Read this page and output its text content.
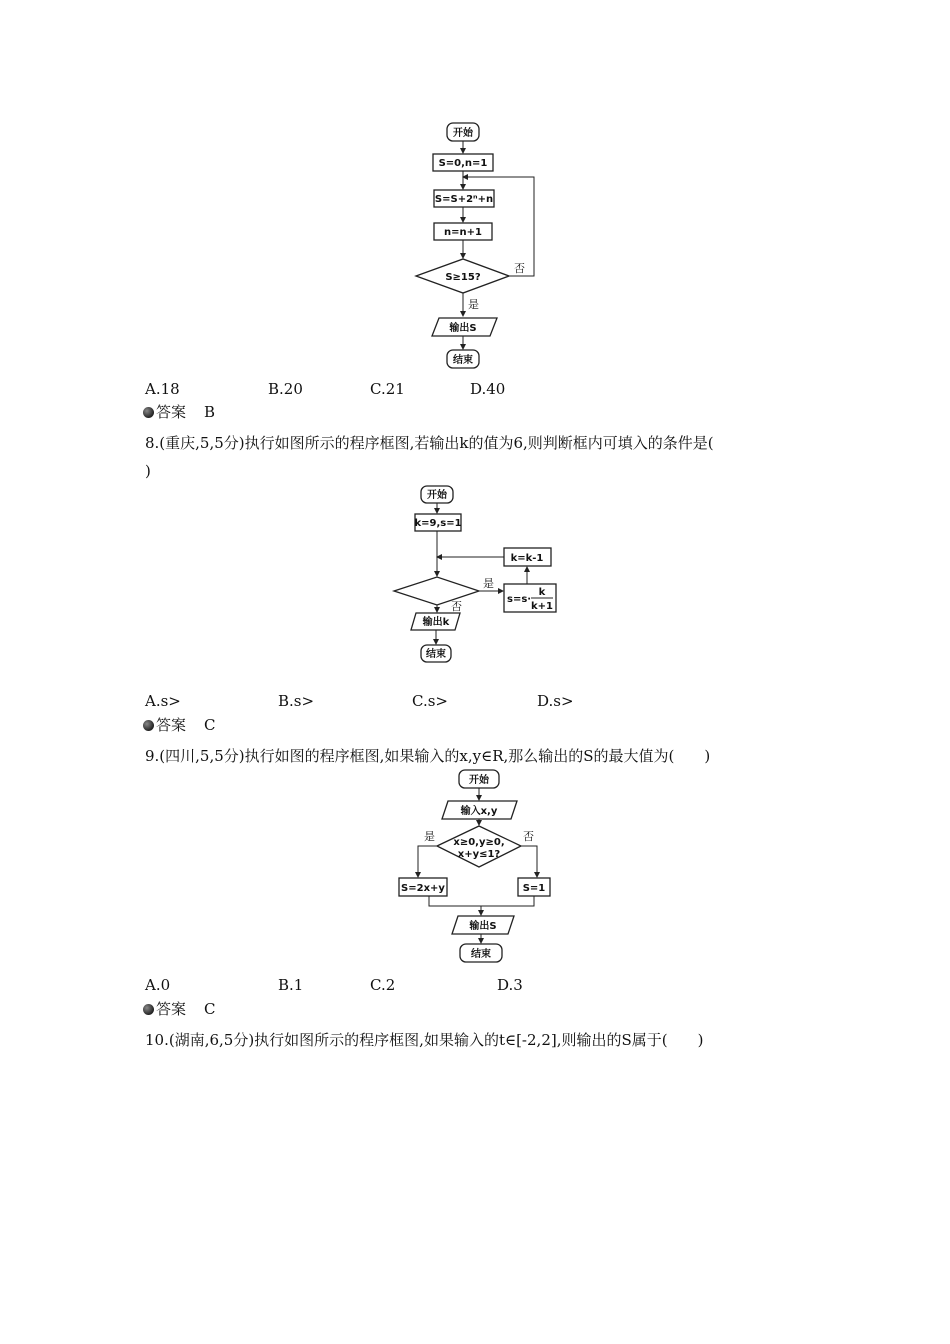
开始
S=0,n=1
S=S+2ⁿ+n
n=n+1
S≥15?
否
是
输出S
结束
A.18	B.20	C.21	D.40
答案 B
8.(重庆,5,5分)执行如图所示的程序框图,若输出k的值为6,则判断框内可填入的条件是(
)
开始
k=9,s=1
k=k-1
是
s=s·
k
k+1
否
输出k
结束
A.s>	B.s>	C.s>	D.s>
答案 C
9.(四川,5,5分)执行如图的程序框图,如果输入的x,y∈R,那么输出的S的最大值为(　　)
开始
输入x,y
x≥0,y≥0,
x+y≤1?
是	否
S=2x+y	S=1
输出S
结束
A.0	B.1	C.2	D.3
答案 C
10.(湖南,6,5分)执行如图所示的程序框图,如果输入的t∈[-2,2],则输出的S属于(　　)
